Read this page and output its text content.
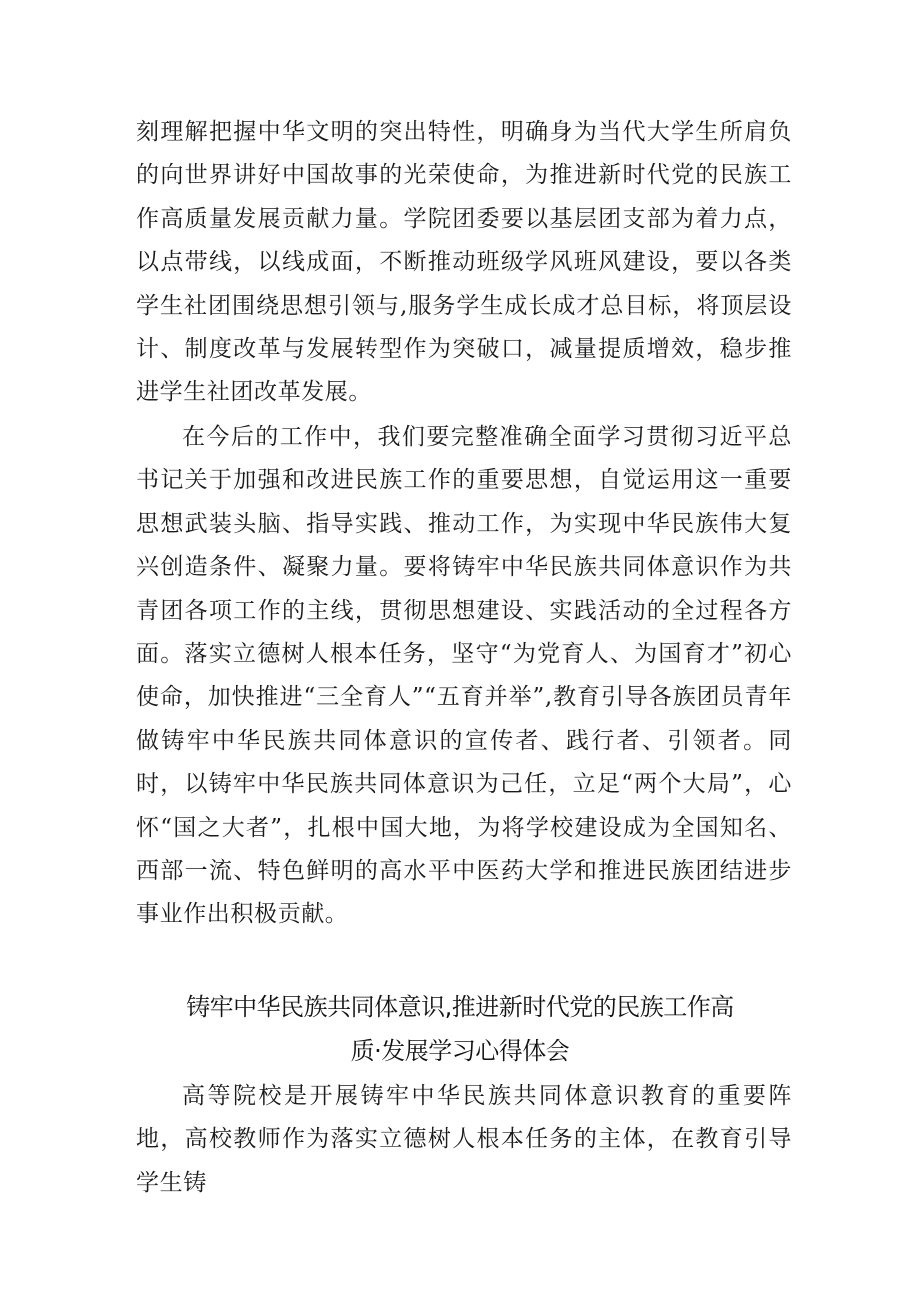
刻理解把握中华文明的突出特性，明确身为当代大学生所肩负的向世界讲好中国故事的光荣使命，为推进新时代党的民族工作高质量发展贡献力量。学院团委要以基层团支部为着力点，以点带线，以线成面，不断推动班级学风班风建设，要以各类学生社团围绕思想引领与,服务学生成长成才总目标，将顶层设计、制度改革与发展转型作为突破口，减量提质增效，稳步推进学生社团改革发展。

在今后的工作中，我们要完整准确全面学习贯彻习近平总书记关于加强和改进民族工作的重要思想，自觉运用这一重要思想武装头脑、指导实践、推动工作，为实现中华民族伟大复兴创造条件、凝聚力量。要将铸牢中华民族共同体意识作为共青团各项工作的主线，贯彻思想建设、实践活动的全过程各方面。落实立德树人根本任务，坚守“为党育人、为国育才”初心使命，加快推进“三全育人”“五育并举”,教育引导各族团员青年做铸牢中华民族共同体意识的宣传者、践行者、引领者。同时，以铸牢中华民族共同体意识为己任，立足“两个大局”，心怀“国之大者”，扎根中国大地，为将学校建设成为全国知名、西部一流、特色鲜明的高水平中医药大学和推进民族团结进步事业作出积极贡献。

铸牢中华民族共同体意识,推进新时代党的民族工作高

质·发展学习心得体会

高等院校是开展铸牢中华民族共同体意识教育的重要阵地，高校教师作为落实立德树人根本任务的主体，在教育引导学生铸
